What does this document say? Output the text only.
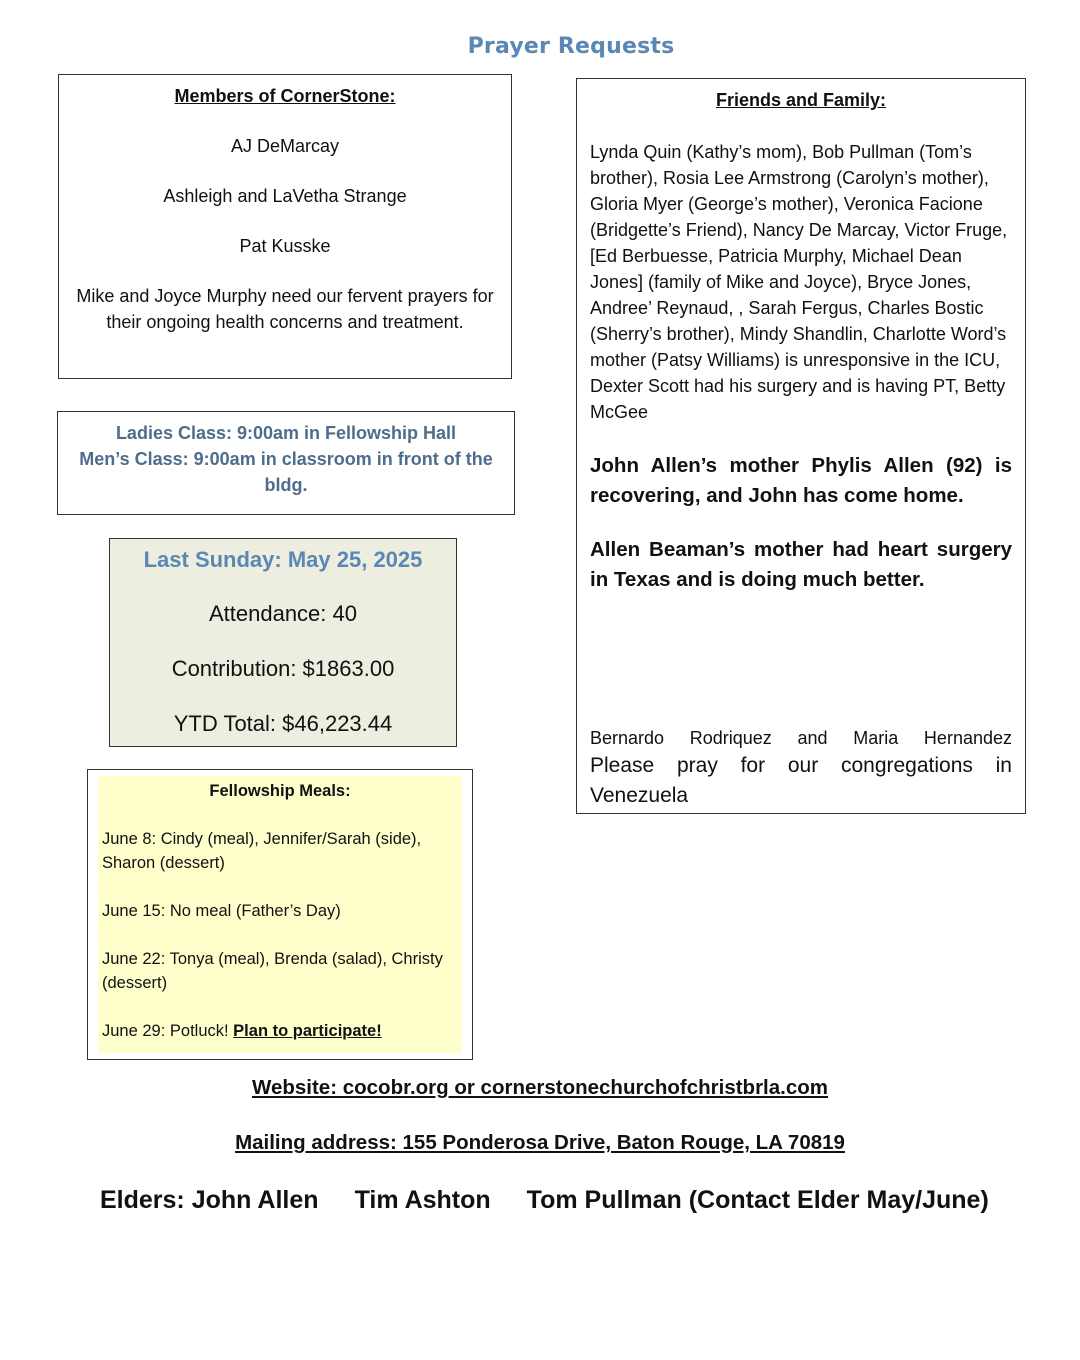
Prayer Requests
Members of CornerStone:
AJ DeMarcay
Ashleigh and LaVetha Strange
Pat Kusske
Mike and Joyce Murphy need our fervent prayers for their ongoing health concerns and treatment.
Ladies Class: 9:00am in Fellowship Hall
Men’s Class: 9:00am in classroom in front of the bldg.
Last Sunday: May 25, 2025
Attendance: 40
Contribution: $1863.00
YTD Total: $46,223.44
Fellowship Meals:
June 8: Cindy (meal), Jennifer/Sarah (side), Sharon (dessert)
June 15: No meal (Father’s Day)
June 22: Tonya (meal), Brenda (salad), Christy (dessert)
June 29: Potluck! Plan to participate!
Friends and Family:
Lynda Quin (Kathy’s mom), Bob Pullman (Tom’s brother), Rosia Lee Armstrong (Carolyn’s mother), Gloria Myer (George’s mother), Veronica Facione (Bridgette’s Friend), Nancy De Marcay, Victor Fruge, [Ed Berbuesse, Patricia Murphy, Michael Dean Jones] (family of Mike and Joyce), Bryce Jones, Andree’ Reynaud, , Sarah Fergus, Charles Bostic (Sherry’s brother), Mindy Shandlin, Charlotte Word’s mother (Patsy Williams) is unresponsive in the ICU, Dexter Scott had his surgery and is having PT, Betty McGee
John Allen’s mother Phylis Allen (92) is recovering, and John has come home.
Allen Beaman’s mother had heart surgery in Texas and is doing much better.
Bernardo Rodriquez and Maria Hernandez
Please pray for our congregations in Venezuela
Website: cocobr.org or cornerstonechurchofchristbrla.com
Mailing address: 155 Ponderosa Drive, Baton Rouge, LA 70819
Elders: John Allen Tim Ashton Tom Pullman (Contact Elder May/June)
